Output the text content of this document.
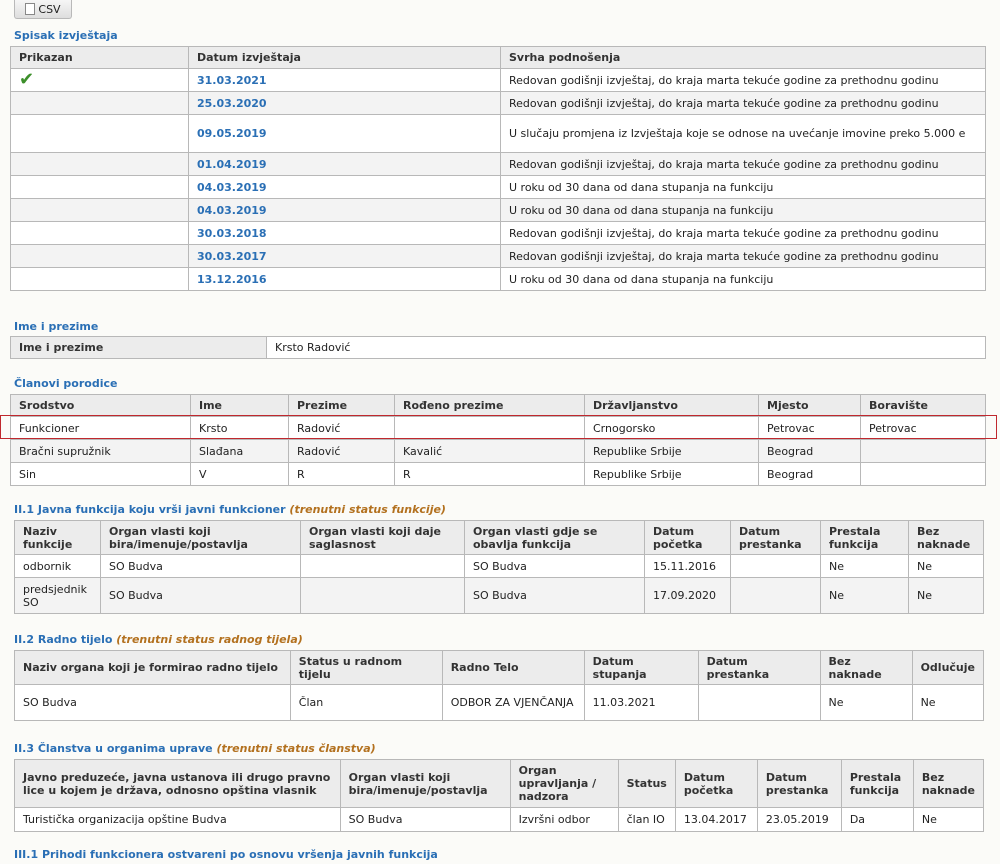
CSV
Spisak izvještaja
Prikazan	Datum izvještaja	Svrha podnošenja
✔	31.03.2021	Redovan godišnji izvještaj, do kraja marta tekuće godine za prethodnu godinu
	25.03.2020	Redovan godišnji izvještaj, do kraja marta tekuće godine za prethodnu godinu
	09.05.2019	U slučaju promjena iz Izvještaja koje se odnose na uvećanje imovine preko 5.000 e
	01.04.2019	Redovan godišnji izvještaj, do kraja marta tekuće godine za prethodnu godinu
	04.03.2019	U roku od 30 dana od dana stupanja na funkciju
	04.03.2019	U roku od 30 dana od dana stupanja na funkciju
	30.03.2018	Redovan godišnji izvještaj, do kraja marta tekuće godine za prethodnu godinu
	30.03.2017	Redovan godišnji izvještaj, do kraja marta tekuće godine za prethodnu godinu
	13.12.2016	U roku od 30 dana od dana stupanja na funkciju
Ime i prezime
Ime i prezime	Krsto Radović
Članovi porodice
Srodstvo	Ime	Prezime	Rođeno prezime	Državljanstvo	Mjesto	Boravište
Funkcioner	Krsto	Radović		Crnogorsko	Petrovac	Petrovac
Bračni supružnik	Slađana	Radović	Kavalić	Republike Srbije	Beograd	
Sin	V	R	R	Republike Srbije	Beograd	
II.1 Javna funkcija koju vrši javni funkcioner (trenutni status funkcije)
Naziv funkcije	Organ vlasti koji bira/imenuje/postavlja	Organ vlasti koji daje saglasnost	Organ vlasti gdje se obavlja funkcija	Datum početka	Datum prestanka	Prestala funkcija	Bez naknade
odbornik	SO Budva		SO Budva	15.11.2016		Ne	Ne
predsjednik SO	SO Budva		SO Budva	17.09.2020		Ne	Ne
II.2 Radno tijelo (trenutni status radnog tijela)
Naziv organa koji je formirao radno tijelo	Status u radnom tijelu	Radno Telo	Datum stupanja	Datum prestanka	Bez naknade	Odlučuje
SO Budva	Član	ODBOR ZA VJENČANJA	11.03.2021		Ne	Ne
II.3 Članstva u organima uprave (trenutni status članstva)
Javno preduzeće, javna ustanova ili drugo pravno lice u kojem je država, odnosno opština vlasnik	Organ vlasti koji bira/imenuje/postavlja	Organ upravljanja / nadzora	Status	Datum početka	Datum prestanka	Prestala funkcija	Bez naknade
Turistička organizacija opštine Budva	SO Budva	Izvršni odbor	član IO	13.04.2017	23.05.2019	Da	Ne
III.1 Prihodi funkcionera ostvareni po osnovu vršenja javnih funkcija
